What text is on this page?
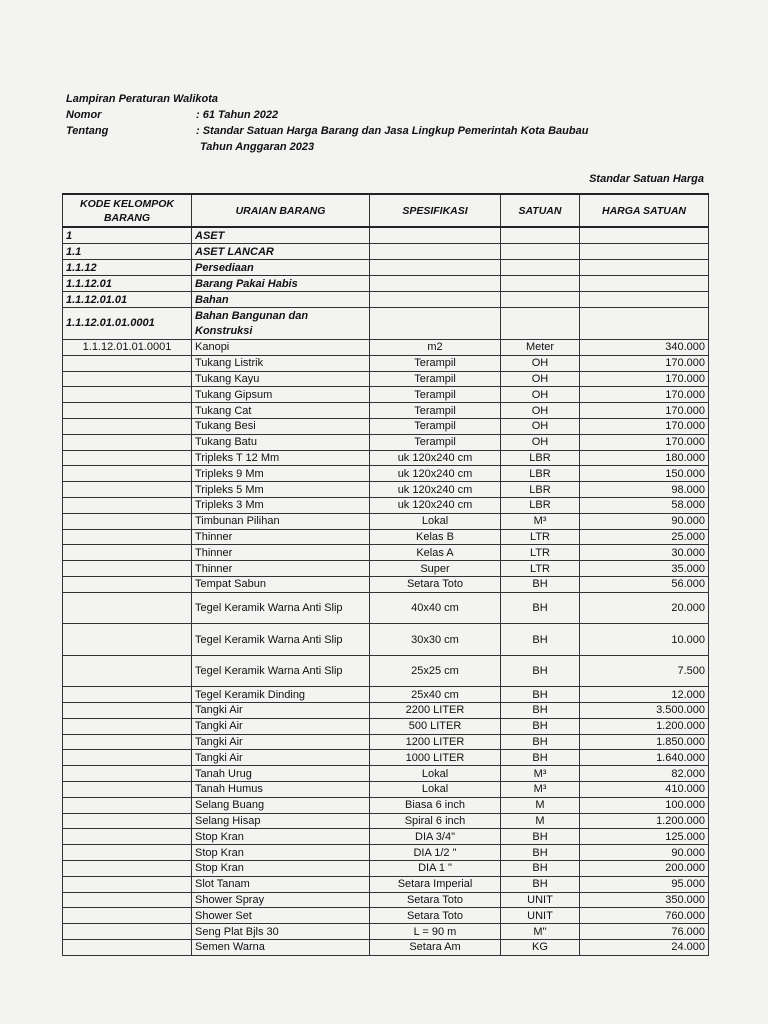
Lampiran Peraturan Walikota
Nomor	: 61 Tahun 2022
Tentang	: Standar Satuan Harga Barang dan Jasa Lingkup Pemerintah Kota Baubau
Tahun Anggaran 2023
Standar Satuan Harga
KODE KELOMPOK BARANG	URAIAN BARANG	SPESIFIKASI	SATUAN	HARGA SATUAN
1	ASET			
1.1	ASET LANCAR			
1.1.12	Persediaan			
1.1.12.01	Barang Pakai Habis			
1.1.12.01.01	Bahan			
1.1.12.01.01.0001	Bahan Bangunan dan Konstruksi			
1.1.12.01.01.0001	Kanopi	m2	Meter	340.000
	Tukang Listrik	Terampil	OH	170.000
	Tukang Kayu	Terampil	OH	170.000
	Tukang Gipsum	Terampil	OH	170.000
	Tukang Cat	Terampil	OH	170.000
	Tukang Besi	Terampil	OH	170.000
	Tukang Batu	Terampil	OH	170.000
	Tripleks T 12 Mm	uk 120x240 cm	LBR	180.000
	Tripleks 9 Mm	uk 120x240 cm	LBR	150.000
	Tripleks 5 Mm	uk 120x240 cm	LBR	98.000
	Tripleks 3 Mm	uk 120x240 cm	LBR	58.000
	Timbunan Pilihan	Lokal	M³	90.000
	Thinner	Kelas B	LTR	25.000
	Thinner	Kelas A	LTR	30.000
	Thinner	Super	LTR	35.000
	Tempat Sabun	Setara Toto	BH	56.000
	Tegel Keramik Warna Anti Slip	40x40 cm	BH	20.000
	Tegel Keramik Warna Anti Slip	30x30 cm	BH	10.000
	Tegel Keramik Warna Anti Slip	25x25 cm	BH	7.500
	Tegel Keramik Dinding	25x40 cm	BH	12.000
	Tangki Air	2200 LITER	BH	3.500.000
	Tangki Air	500 LITER	BH	1.200.000
	Tangki Air	1200 LITER	BH	1.850.000
	Tangki Air	1000 LITER	BH	1.640.000
	Tanah Urug	Lokal	M³	82.000
	Tanah Humus	Lokal	M³	410.000
	Selang Buang	Biasa 6 inch	M	100.000
	Selang Hisap	Spiral 6 inch	M	1.200.000
	Stop Kran	DIA 3/4"	BH	125.000
	Stop Kran	DIA 1/2 "	BH	90.000
	Stop Kran	DIA 1 "	BH	200.000
	Slot Tanam	Setara Imperial	BH	95.000
	Shower Spray	Setara Toto	UNIT	350.000
	Shower Set	Setara Toto	UNIT	760.000
	Seng Plat Bjls 30	L = 90 m	M''	76.000
	Semen Warna	Setara Am	KG	24.000
